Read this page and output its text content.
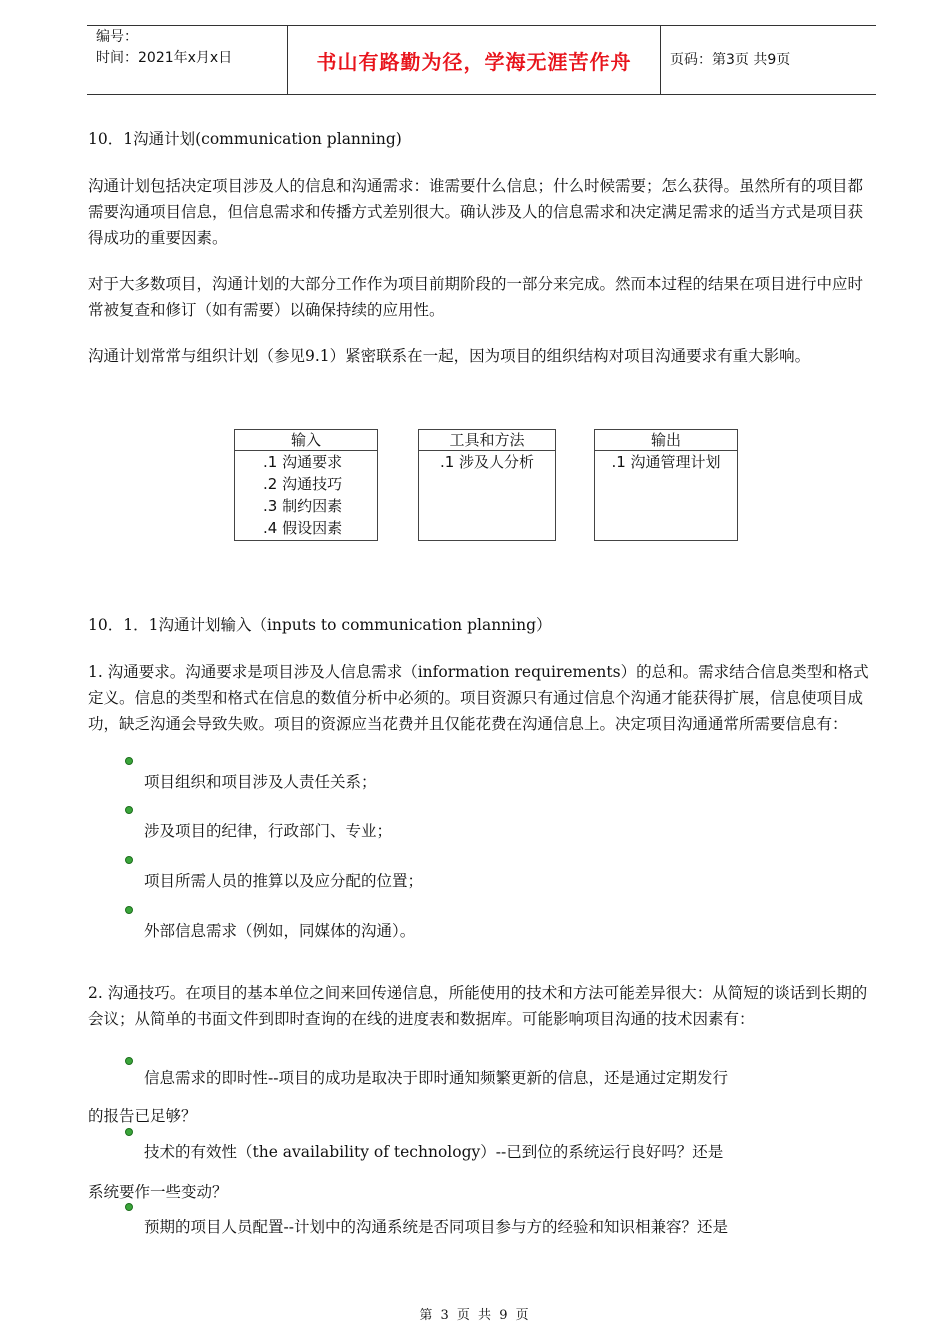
编号：
时间：2021年x月x日	书山有路勤为径，学海无涯苦作舟	页码：第3页 共9页
10．1沟通计划(communication planning)
沟通计划包括决定项目涉及人的信息和沟通需求：谁需要什么信息；什么时候需要；怎么获得。虽然所有的项目都需要沟通项目信息，但信息需求和传播方式差别很大。确认涉及人的信息需求和决定满足需求的适当方式是项目获得成功的重要因素。
对于大多数项目，沟通计划的大部分工作作为项目前期阶段的一部分来完成。然而本过程的结果在项目进行中应时常被复查和修订（如有需要）以确保持续的应用性。
沟通计划常常与组织计划（参见9.1）紧密联系在一起，因为项目的组织结构对项目沟通要求有重大影响。
输入
.1 沟通要求
.2 沟通技巧
.3 制约因素
.4 假设因素
工具和方法
.1 涉及人分析
输出
.1 沟通管理计划
10．1．1沟通计划输入（inputs to communication planning）
1. 沟通要求。沟通要求是项目涉及人信息需求（information requirements）的总和。需求结合信息类型和格式定义。信息的类型和格式在信息的数值分析中必须的。项目资源只有通过信息个沟通才能获得扩展，信息使项目成功，缺乏沟通会导致失败。项目的资源应当花费并且仅能花费在沟通信息上。决定项目沟通通常所需要信息有：
项目组织和项目涉及人责任关系；
涉及项目的纪律，行政部门、专业；
项目所需人员的推算以及应分配的位置；
外部信息需求（例如，同媒体的沟通）。
2. 沟通技巧。在项目的基本单位之间来回传递信息，所能使用的技术和方法可能差异很大：从简短的谈话到长期的会议；从简单的书面文件到即时查询的在线的进度表和数据库。可能影响项目沟通的技术因素有：
信息需求的即时性--项目的成功是取决于即时通知频繁更新的信息，还是通过定期发行
的报告已足够？
技术的有效性（the availability of technology）--已到位的系统运行良好吗？还是
系统要作一些变动？
预期的项目人员配置--计划中的沟通系统是否同项目参与方的经验和知识相兼容？还是
第 3 页 共 9 页
